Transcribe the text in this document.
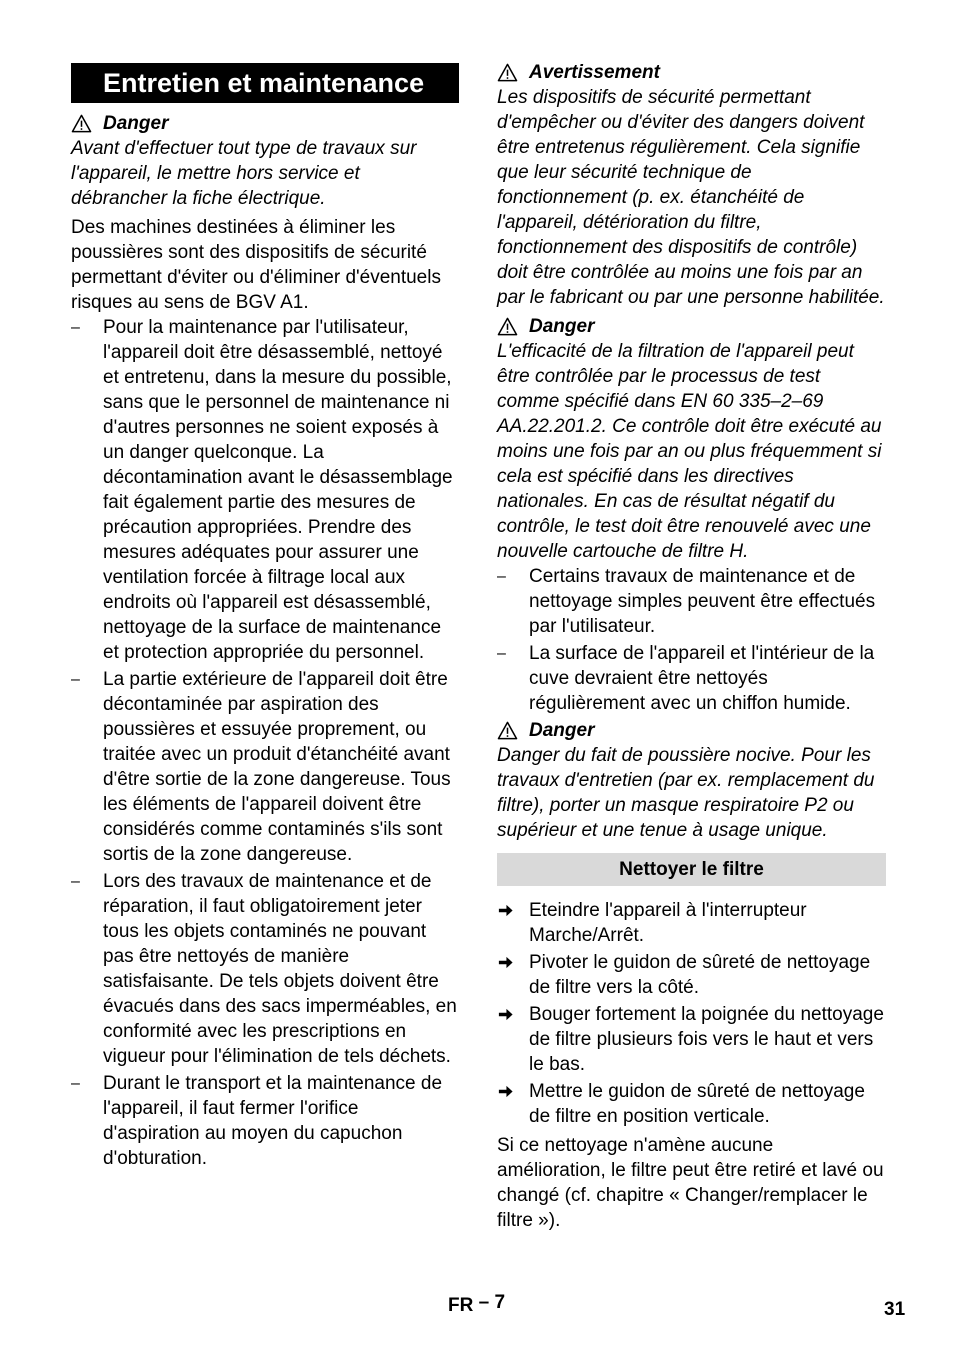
Entretien et maintenance
Danger
Avant d'effectuer tout type de travaux sur l'appareil, le mettre hors service et débrancher la fiche électrique.

Des machines destinées à éliminer les poussières sont des dispositifs de sécurité permettant d'éviter ou d'éliminer d'éventuels risques au sens de BGV A1.

–	Pour la maintenance par l'utilisateur, l'appareil doit être désassemblé, nettoyé et entretenu, dans la mesure du possible, sans que le personnel de maintenance ni d'autres personnes ne soient exposés à un danger quelconque. La décontamination avant le désassemblage fait également partie des mesures de précaution appropriées. Prendre des mesures adéquates pour assurer une ventilation forcée à filtrage local aux endroits où l'appareil est désassemblé, nettoyage de la surface de maintenance et protection appropriée du personnel.
–	La partie extérieure de l'appareil doit être décontaminée par aspiration des poussières et essuyée proprement, ou traitée avec un produit d'étanchéité avant d'être sortie de la zone dangereuse. Tous les éléments de l'appareil doivent être considérés comme contaminés s'ils sont sortis de la zone dangereuse.
–	Lors des travaux de maintenance et de réparation, il faut obligatoirement jeter tous les objets contaminés ne pouvant pas être nettoyés de manière satisfaisante. De tels objets doivent être évacués dans des sacs imperméables, en conformité avec les prescriptions en vigueur pour l'élimination de tels déchets.
–	Durant le transport et la maintenance de l'appareil, il faut fermer l'orifice d'aspiration au moyen du capuchon d'obturation.
Avertissement
Les dispositifs de sécurité permettant d'empêcher ou d'éviter des dangers doivent être entretenus régulièrement. Cela signifie que leur sécurité technique de fonctionnement (p. ex. étanchéité de l'appareil, détérioration du filtre, fonctionnement des dispositifs de contrôle) doit être contrôlée au moins une fois par an par le fabricant ou par une personne habilitée.
Danger
L'efficacité de la filtration de l'appareil peut être contrôlée par le processus de test comme spécifié dans EN 60 335–2–69 AA.22.201.2. Ce contrôle doit être exécuté au moins une fois par an ou plus fréquemment si cela est spécifié dans les directives nationales. En cas de résultat négatif du contrôle, le test doit être renouvelé avec une nouvelle cartouche de filtre H.
–	Certains travaux de maintenance et de nettoyage simples peuvent être effectués par l'utilisateur.
–	La surface de l'appareil et l'intérieur de la cuve devraient être nettoyés régulièrement avec un chiffon humide.
Danger
Danger du fait de poussière nocive. Pour les travaux d'entretien (par ex. remplacement du filtre), porter un masque respiratoire P2 ou supérieur et une tenue à usage unique.
Nettoyer le filtre
Eteindre l'appareil à l'interrupteur Marche/Arrêt.
Pivoter le guidon de sûreté de nettoyage de filtre vers la côté.
Bouger fortement la poignée du nettoyage de filtre plusieurs fois vers le haut et vers le bas.
Mettre le guidon de sûreté de nettoyage de filtre en position verticale.

Si ce nettoyage n'amène aucune amélioration, le filtre peut être retiré et lavé ou changé (cf. chapitre « Changer/remplacer le filtre »).

FR – 7	31
